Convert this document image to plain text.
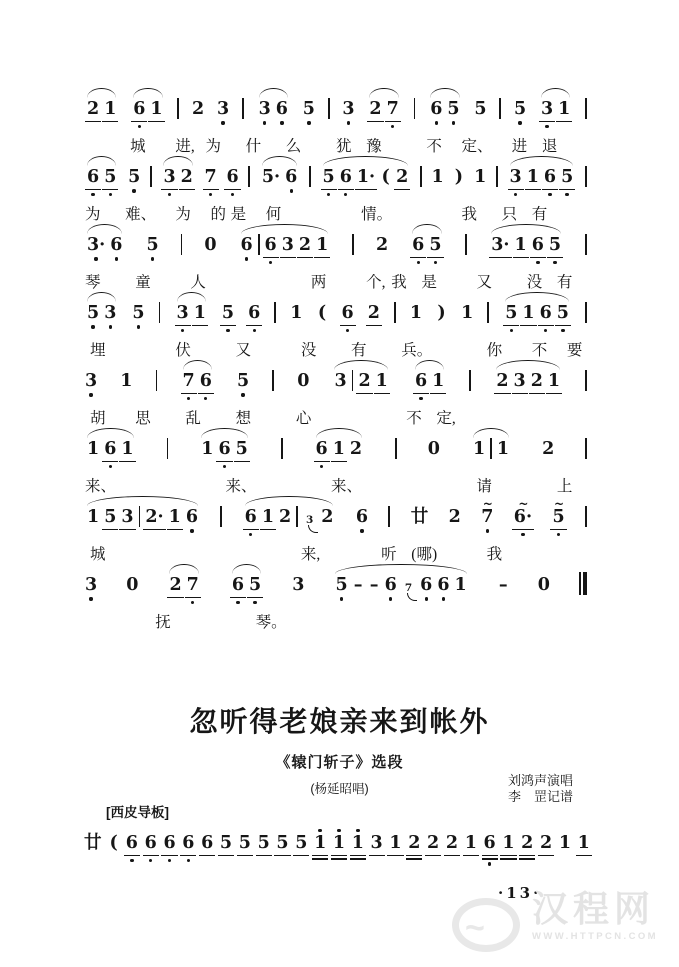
2 1 6 1 2 3 3 6 5 3 2 7 6 5 5 5 3 1
城 进, 为 什 么 犹 豫	不 定、 进 退
6 5 5 3 2 7 6 5· 6 5 6 1· ( 2 1 ) 1 3 1 6 5
为 难、 为 的 是 何	情。	我 只 有
3· 6 5	0 6 6 3 2 1	2 6 5	3· 1 6 5
琴 童	人	两	个, 我 是	又 没 有
5 3 5 3 1 5 6 1 ( 6 2 1 ) 1 5 1 6 5
埋	伏	又	没 有 兵。	你 不 要
3 1	7 6 5	0 3 2 1 6 1	2 3 2 1
胡 思 乱 想	心	不 定,
1 6 1	1 6 5	6 1 2	0 1 1 2
来、	来、	来、	请	上
1 5 3 2· 1 6	6 1 2 3 2 6 廿 2
~
7
~
6·
~
5
城	来,	听 (哪)	我
3 0 2 7 6 5 3 5 – – 6 7 6 6 1 – 0
抚	琴。
忽听得老娘亲来到帐外
《辕门斩子》选段
(杨延昭唱)
刘鸿声演唱
李　罡记谱
[西皮导板]
廿 ( 6 6 6 6 6 5 5 5 5 5 1 1 1 3 1 2 2 2 1 6 1 2 2 1 1
·13·
~
汉程网
WWW.HTTPCN.COM
